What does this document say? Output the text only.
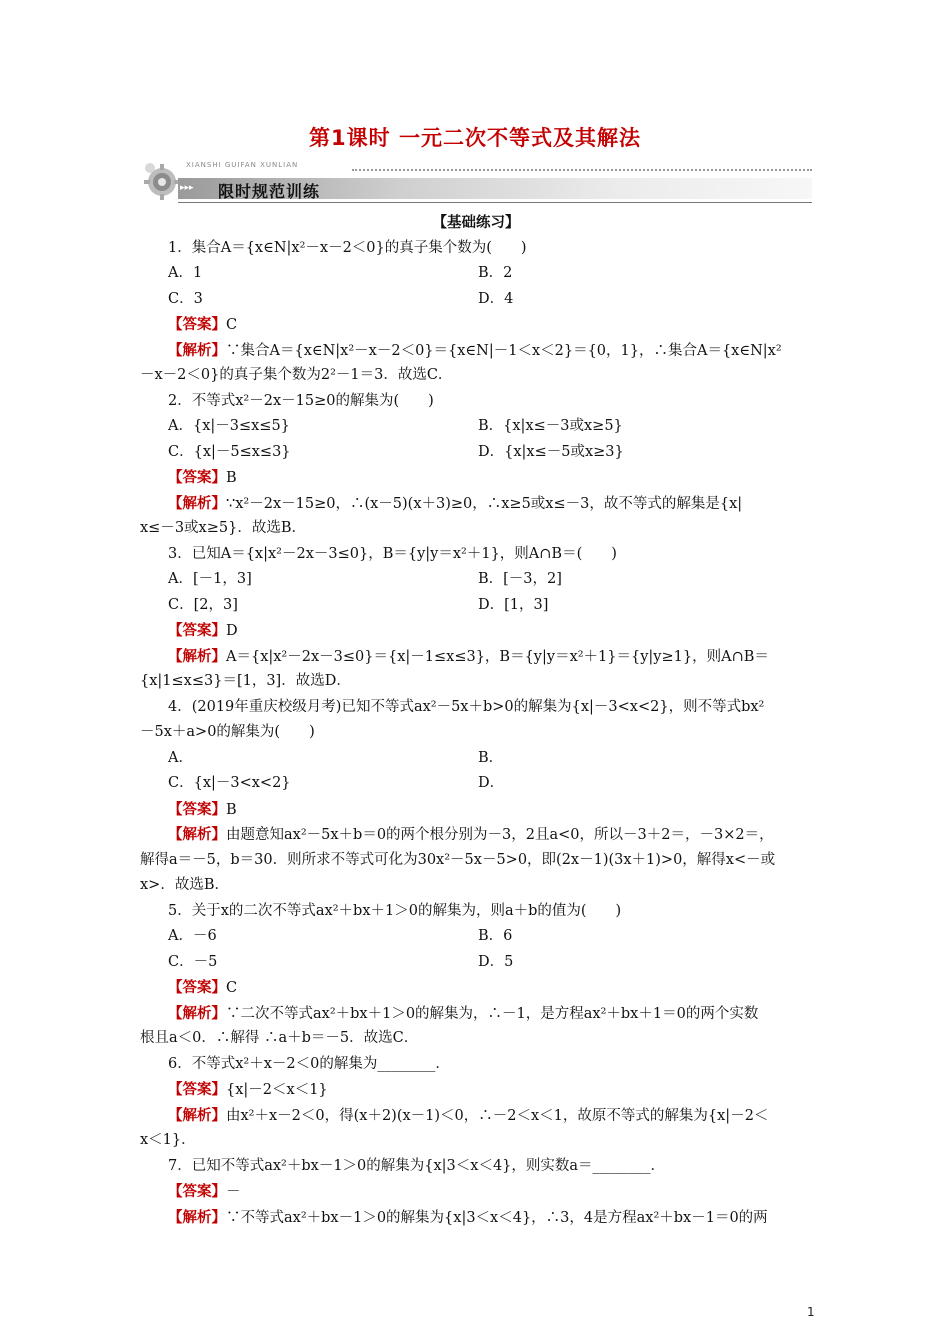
第1课时 一元二次不等式及其解法
XIANSHI GUIFAN XUNLIAN
▸▸▸ 限时规范训练
【基础练习】
1．集合A＝{x∈N|x²－x－2＜0}的真子集个数为(　　)
A．1	B．2
C．3	D．4
【答案】C
【解析】∵集合A＝{x∈N|x²－x－2＜0}＝{x∈N|－1＜x＜2}＝{0，1}，∴集合A＝{x∈N|x²
－x－2＜0}的真子集个数为2²－1＝3．故选C．
2．不等式x²－2x－15≥0的解集为(　　)
A．{x|－3≤x≤5}	B．{x|x≤－3或x≥5}
C．{x|－5≤x≤3}	D．{x|x≤－5或x≥3}
【答案】B
【解析】∵x²－2x－15≥0，∴(x－5)(x＋3)≥0，∴x≥5或x≤－3，故不等式的解集是{x|
x≤－3或x≥5}．故选B．
3．已知A＝{x|x²－2x－3≤0}，B＝{y|y＝x²＋1}，则A∩B＝(　　)
A．[－1，3]	B．[－3，2]
C．[2，3]	D．[1，3]
【答案】D
【解析】A＝{x|x²－2x－3≤0}＝{x|－1≤x≤3}，B＝{y|y＝x²＋1}＝{y|y≥1}，则A∩B＝
{x|1≤x≤3}＝[1，3]．故选D．
4．(2019年重庆校级月考)已知不等式ax²－5x＋b>0的解集为{x|－3<x<2}，则不等式bx²
－5x＋a>0的解集为(　　)
A．	B．
C．{x|－3<x<2}	D．
【答案】B
【解析】由题意知ax²－5x＋b＝0的两个根分别为－3，2且a<0，所以－3＋2＝，－3×2＝，
解得a＝－5，b＝30．则所求不等式可化为30x²－5x－5>0，即(2x－1)(3x＋1)>0，解得x<－或
x>．故选B．
5．关于x的二次不等式ax²＋bx＋1＞0的解集为，则a＋b的值为(　　)
A．－6	B．6
C．－5	D．5
【答案】C
【解析】∵二次不等式ax²＋bx＋1＞0的解集为，∴－1，是方程ax²＋bx＋1＝0的两个实数
根且a＜0．∴解得 ∴a＋b＝－5．故选C．
6．不等式x²＋x－2＜0的解集为________．
【答案】{x|－2＜x＜1}
【解析】由x²＋x－2＜0，得(x＋2)(x－1)＜0，∴－2＜x＜1，故原不等式的解集为{x|－2＜
x＜1}．
7．已知不等式ax²＋bx－1＞0的解集为{x|3＜x＜4}，则实数a＝________．
【答案】－
【解析】∵不等式ax²＋bx－1＞0的解集为{x|3＜x＜4}，∴3，4是方程ax²＋bx－1＝0的两
1
